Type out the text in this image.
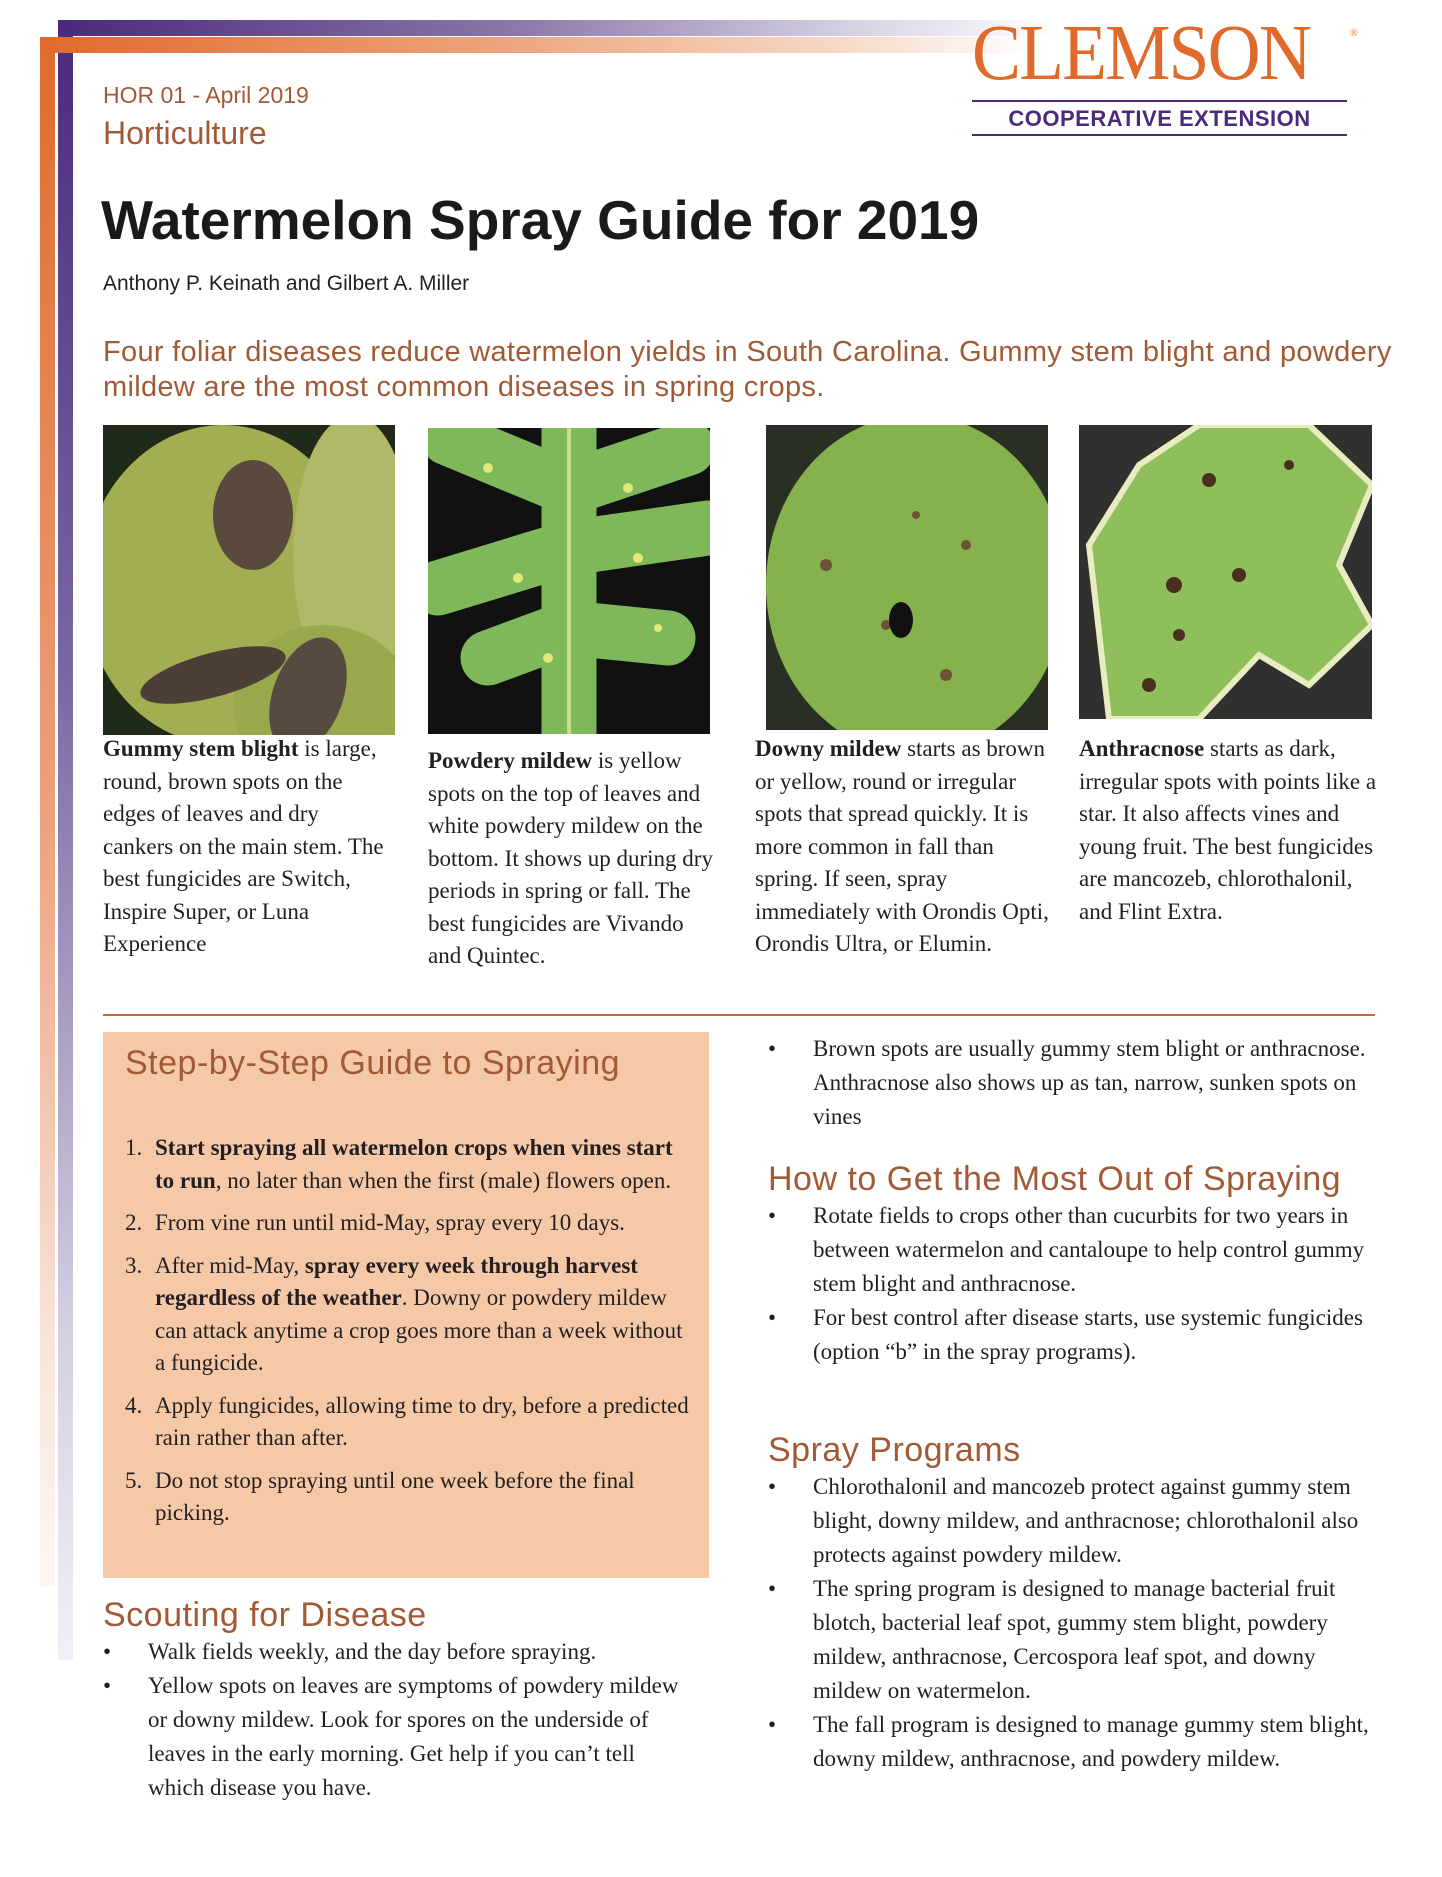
CLEMSON	®
COOPERATIVE EXTENSION
HOR 01 - April 2019
Horticulture
Watermelon Spray Guide for 2019
Anthony P. Keinath and Gilbert A. Miller
Four foliar diseases reduce watermelon yields in South Carolina. Gummy stem blight and powdery mildew are the most common diseases in spring crops.
Gummy stem blight is large, round, brown spots on the edges of leaves and dry cankers on the main stem. The best fungicides are Switch, Inspire Super, or Luna Experience
Powdery mildew is yellow spots on the top of leaves and white powdery mildew on the bottom. It shows up during dry periods in spring or fall. The best fungicides are Vivando and Quintec.
Downy mildew starts as brown or yellow, round or irregular spots that spread quickly. It is more common in fall than spring. If seen, spray immediately with Orondis Opti, Orondis Ultra, or Elumin.
Anthracnose starts as dark, irregular spots with points like a star. It also affects vines and young fruit. The best fungicides are mancozeb, chlorothalonil, and Flint Extra.
Step-by-Step Guide to Spraying
1. Start spraying all watermelon crops when vines start to run, no later than when the first (male) flowers open.
2. From vine run until mid-May, spray every 10 days.
3. After mid-May, spray every week through harvest regardless of the weather. Downy or powdery mildew can attack anytime a crop goes more than a week without a fungicide.
4. Apply fungicides, allowing time to dry, before a predicted rain rather than after.
5. Do not stop spraying until one week before the final picking.
Scouting for Disease
• Walk fields weekly, and the day before spraying.
• Yellow spots on leaves are symptoms of powdery mildew or downy mildew. Look for spores on the underside of leaves in the early morning. Get help if you can’t tell which disease you have.
• Brown spots are usually gummy stem blight or anthracnose. Anthracnose also shows up as tan, narrow, sunken spots on vines
How to Get the Most Out of Spraying
• Rotate fields to crops other than cucurbits for two years in between watermelon and cantaloupe to help control gummy stem blight and anthracnose.
• For best control after disease starts, use systemic fungicides (option “b” in the spray programs).
Spray Programs
• Chlorothalonil and mancozeb protect against gummy stem blight, downy mildew, and anthracnose; chlorothalonil also protects against powdery mildew.
• The spring program is designed to manage bacterial fruit blotch, bacterial leaf spot, gummy stem blight, powdery mildew, anthracnose, Cercospora leaf spot, and downy mildew on watermelon.
• The fall program is designed to manage gummy stem blight, downy mildew, anthracnose, and powdery mildew.
